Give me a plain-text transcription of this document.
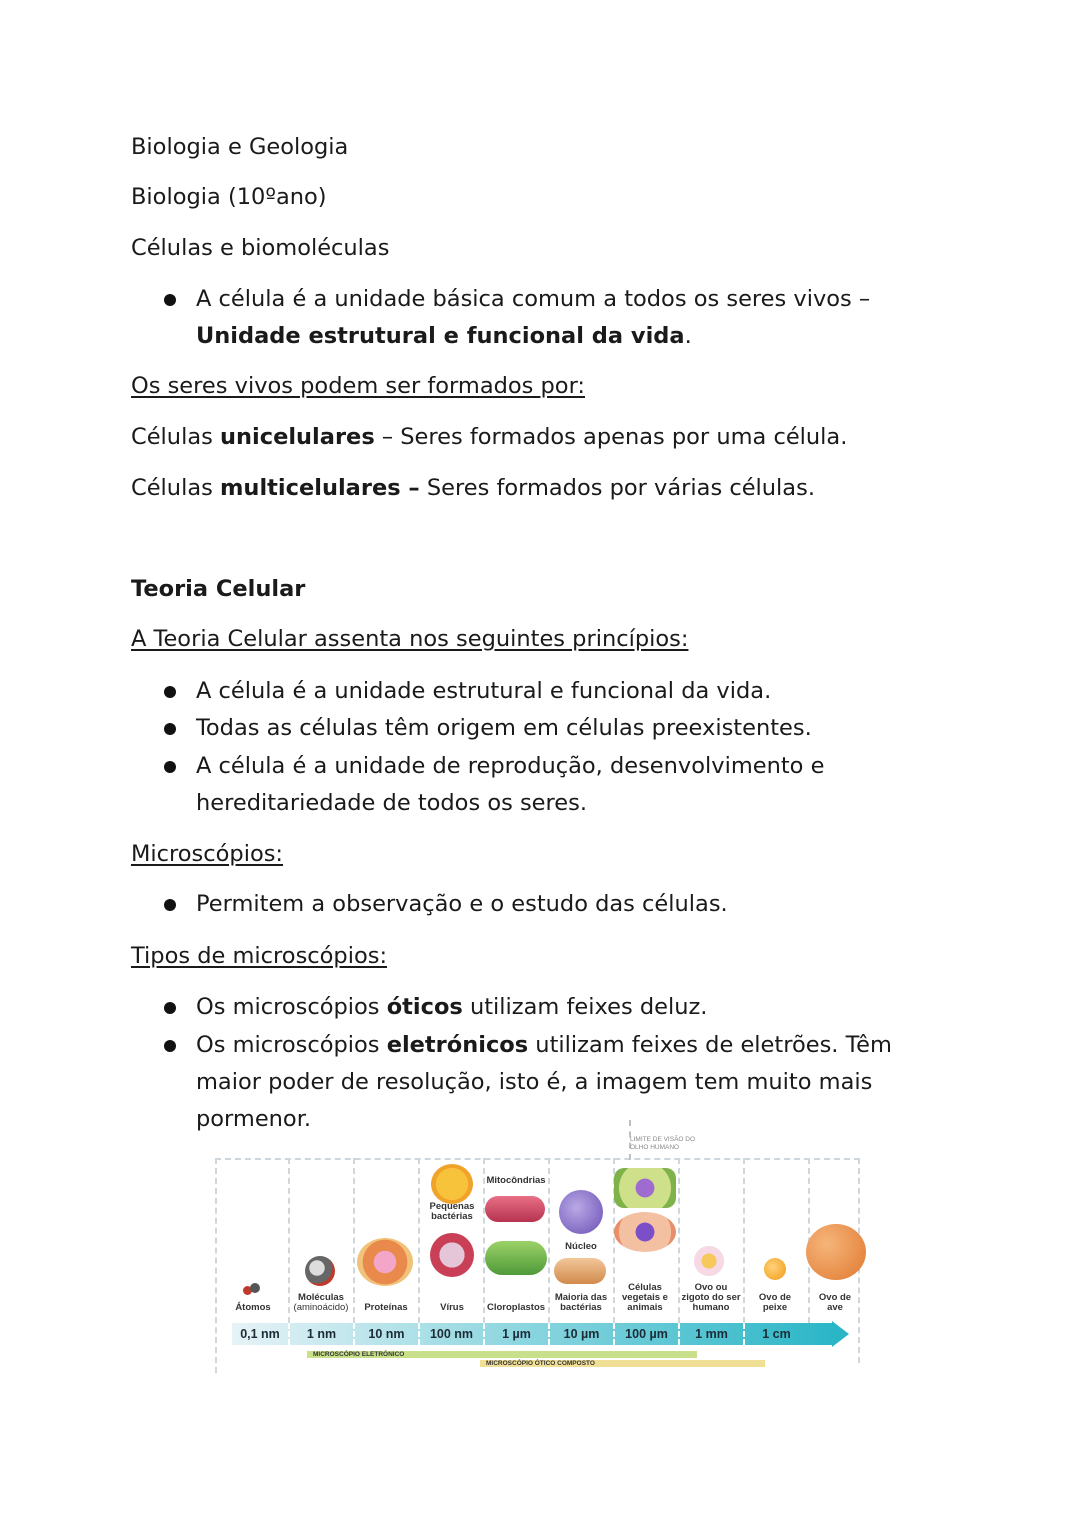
Biologia e Geologia
Biologia (10ºano)
Células e biomoléculas
A célula é a unidade básica comum a todos os seres vivos – Unidade estrutural e funcional da vida.
Os seres vivos podem ser formados por:
Células unicelulares – Seres formados apenas por uma célula.
Células multicelulares – Seres formados por várias células.
Teoria Celular
A Teoria Celular assenta nos seguintes princípios:
A célula é a unidade estrutural e funcional da vida.
Todas as células têm origem em células preexistentes.
A célula é a unidade de reprodução, desenvolvimento e hereditariedade de todos os seres.
Microscópios:
Permitem a observação e o estudo das células.
Tipos de microscópios:
Os microscópios óticos utilizam feixes deluz.
Os microscópios eletrónicos utilizam feixes de eletrões. Têm maior poder de resolução, isto é, a imagem tem muito mais pormenor.
LIMITE DE VISÃO DO OLHO HUMANO
Átomos
Moléculas
(aminoácido)	Proteínas
Pequenas bactérias
Vírus
Mitocôndrias
Cloroplastos
Núcleo
Maioria das bactérias
Células vegetais e animais
Ovo ou zigoto do ser humano
Ovo de peixe
Ovo de ave
0,1 nm	1 nm	10 nm	100 nm	1 µm	10 µm	100 µm	1 mm	1 cm
MICROSCÓPIO ELETRÓNICO
MICROSCÓPIO ÓTICO COMPOSTO
